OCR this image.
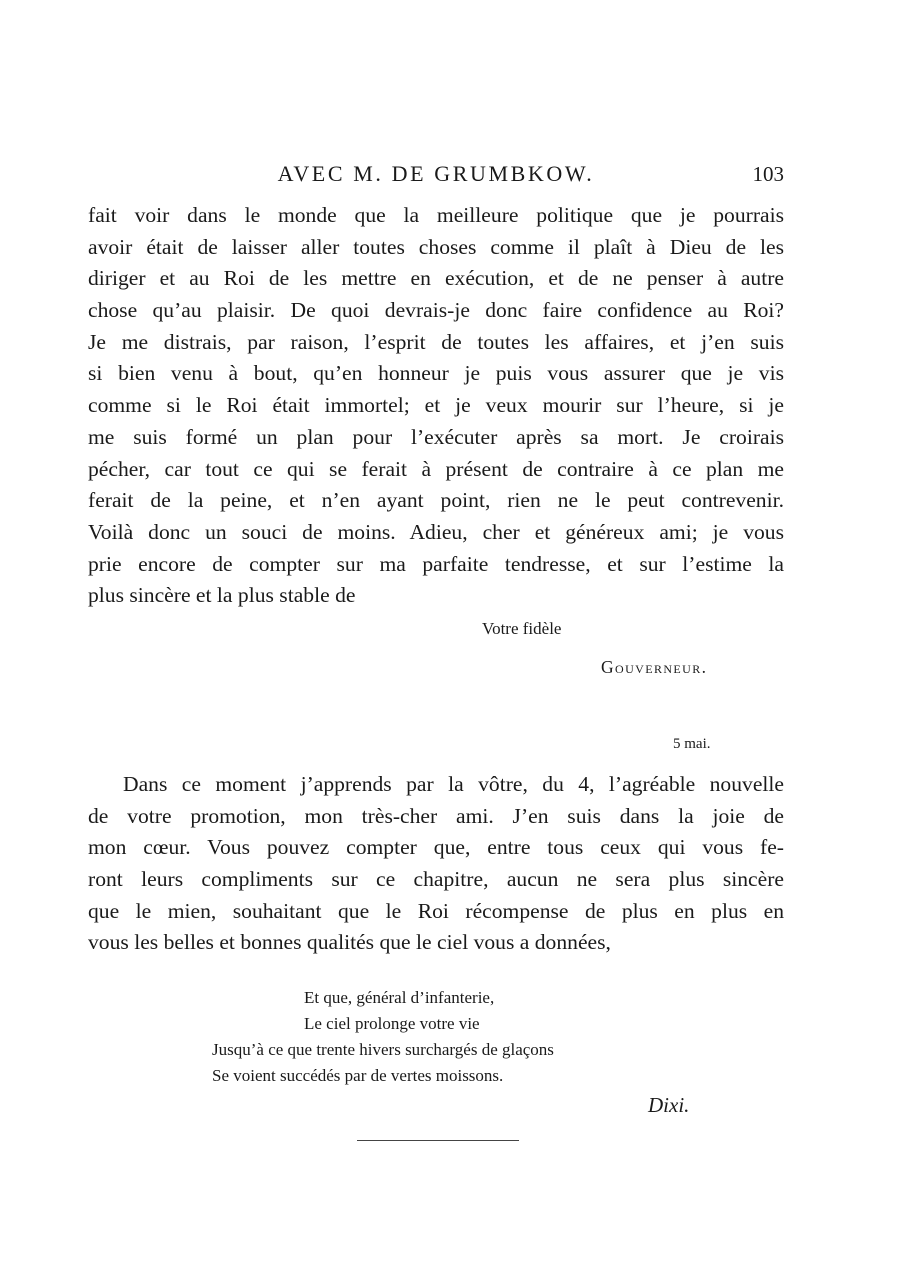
AVEC M. DE GRUMBKOW.	103
fait voir dans le monde que la meilleure politique que je pourrais
avoir était de laisser aller toutes choses comme il plaît à Dieu de les
diriger et au Roi de les mettre en exécution, et de ne penser à autre
chose qu’au plaisir. De quoi devrais-je donc faire confidence au Roi?
Je me distrais, par raison, l’esprit de toutes les affaires, et j’en suis
si bien venu à bout, qu’en honneur je puis vous assurer que je vis
comme si le Roi était immortel; et je veux mourir sur l’heure, si je
me suis formé un plan pour l’exécuter après sa mort. Je croirais
pécher, car tout ce qui se ferait à présent de contraire à ce plan me
ferait de la peine, et n’en ayant point, rien ne le peut contrevenir.
Voilà donc un souci de moins. Adieu, cher et généreux ami; je vous
prie encore de compter sur ma parfaite tendresse, et sur l’estime la
plus sincère et la plus stable de
Votre fidèle
Gouverneur.
5 mai.
Dans ce moment j’apprends par la vôtre, du 4, l’agréable nouvelle
de votre promotion, mon très-cher ami. J’en suis dans la joie de
mon cœur. Vous pouvez compter que, entre tous ceux qui vous fe-
ront leurs compliments sur ce chapitre, aucun ne sera plus sincère
que le mien, souhaitant que le Roi récompense de plus en plus en
vous les belles et bonnes qualités que le ciel vous a données,
Et que, général d’infanterie,
Le ciel prolonge votre vie
Jusqu’à ce que trente hivers surchargés de glaçons
Se voient succédés par de vertes moissons.
Dixi.
